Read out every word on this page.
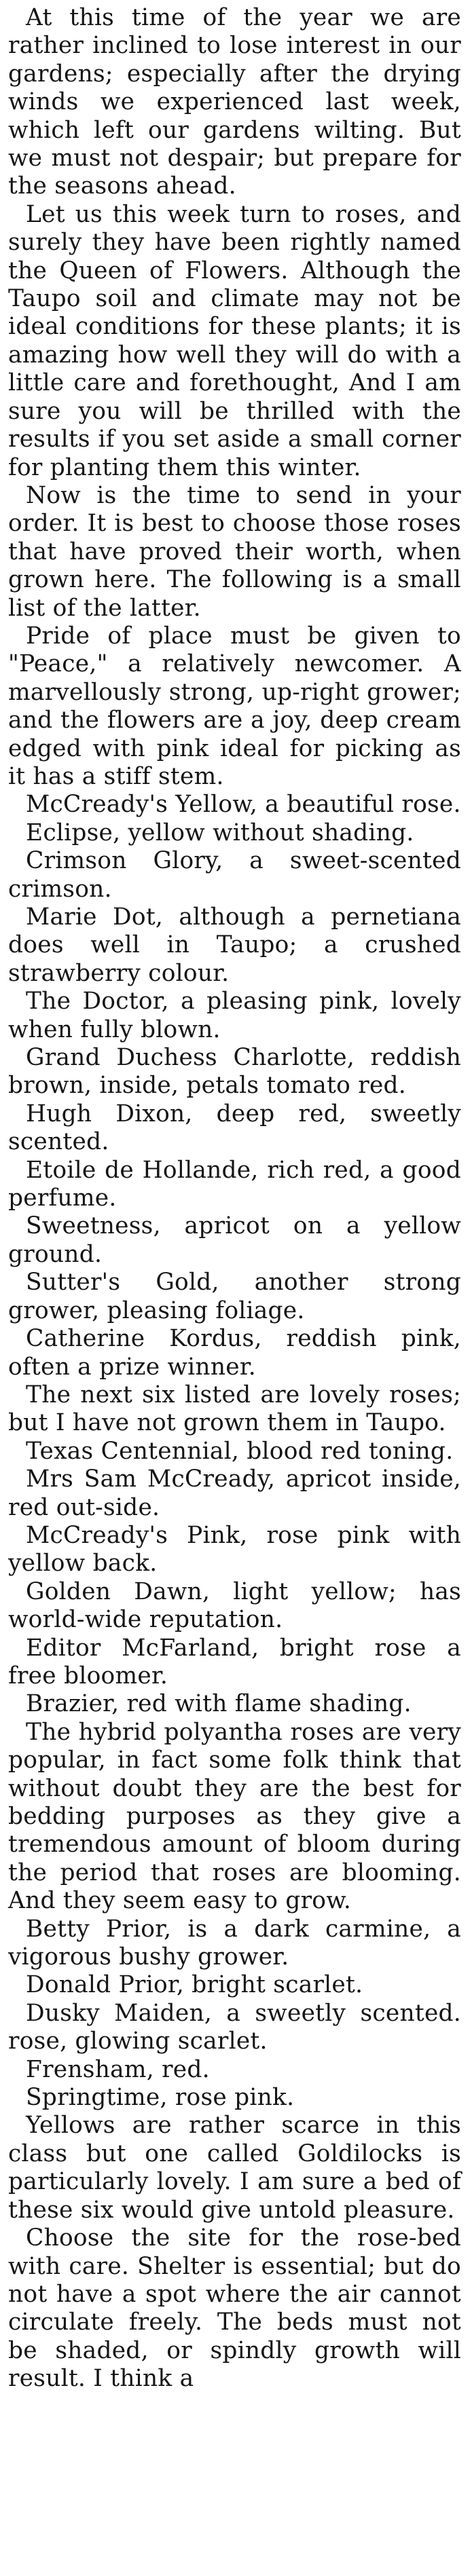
At this time of the year we are rather inclined to lose interest in our gardens; especially after the drying winds we experienced last week, which left our gardens wilting. But we must not despair; but prepare for the seasons ahead.

Let us this week turn to roses, and surely they have been rightly named the Queen of Flowers. Although the Taupo soil and climate may not be ideal conditions for these plants; it is amazing how well they will do with a little care and forethought, And I am sure you will be thrilled with the results if you set aside a small corner for planting them this winter.

Now is the time to send in your order. It is best to choose those roses that have proved their worth, when grown here. The following is a small list of the latter.

Pride of place must be given to "Peace," a relatively newcomer. A marvellously strong, up-right grower; and the flowers are a joy, deep cream edged with pink ideal for picking as it has a stiff stem.

McCready's Yellow, a beautiful rose.

Eclipse, yellow without shading.

Crimson Glory, a sweet-scented crimson.

Marie Dot, although a pernetiana does well in Taupo; a crushed strawberry colour.

The Doctor, a pleasing pink, lovely when fully blown.

Grand Duchess Charlotte, reddish brown, inside, petals tomato red.

Hugh Dixon, deep red, sweetly scented.

Etoile de Hollande, rich red, a good perfume.

Sweetness, apricot on a yellow ground.

Sutter's Gold, another strong grower, pleasing foliage.

Catherine Kordus, reddish pink, often a prize winner.

The next six listed are lovely roses; but I have not grown them in Taupo.

Texas Centennial, blood red toning.

Mrs Sam McCready, apricot inside, red out-side.

McCready's Pink, rose pink with yellow back.

Golden Dawn, light yellow; has world-wide reputation.

Editor McFarland, bright rose a free bloomer.

Brazier, red with flame shading.

The hybrid polyantha roses are very popular, in fact some folk think that without doubt they are the best for bedding purposes as they give a tremendous amount of bloom during the period that roses are blooming. And they seem easy to grow.

Betty Prior, is a dark carmine, a vigorous bushy grower.

Donald Prior, bright scarlet.

Dusky Maiden, a sweetly scented. rose, glowing scarlet.

Frensham, red.

Springtime, rose pink.

Yellows are rather scarce in this class but one called Goldilocks is particularly lovely. I am sure a bed of these six would give untold pleasure.

Choose the site for the rose-bed with care. Shelter is essential; but do not have a spot where the air cannot circulate freely. The beds must not be shaded, or spindly growth will result. I think a
